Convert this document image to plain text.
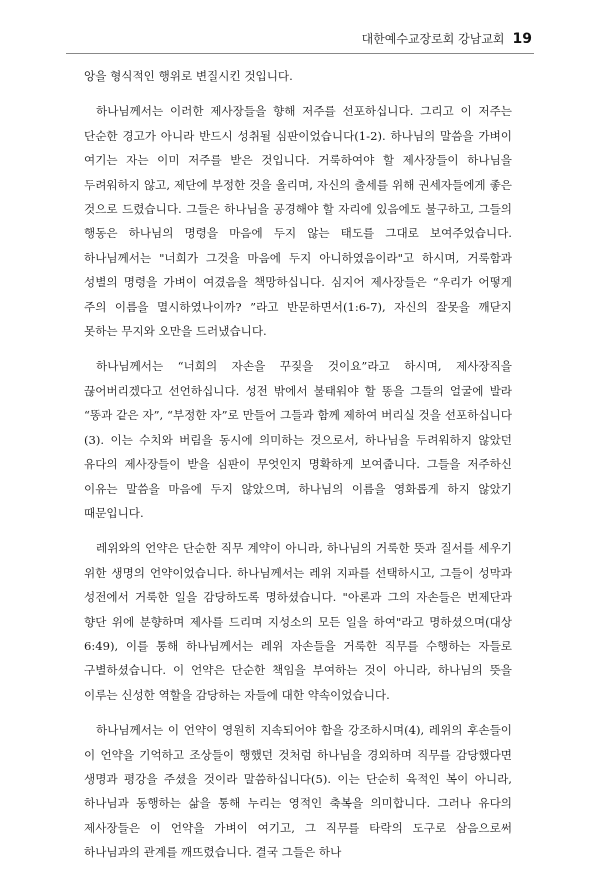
대한예수교장로회 강남교회 19

앙을 형식적인 행위로 변질시킨 것입니다.

하나님께서는 이러한 제사장들을 향해 저주를 선포하십니다. 그리고 이 저주는 단순한 경고가 아니라 반드시 성취될 심판이었습니다(1-2). 하나님의 말씀을 가벼이 여기는 자는 이미 저주를 받은 것입니다. 거룩하여야 할 제사장들이 하나님을 두려워하지 않고, 제단에 부정한 것을 올리며, 자신의 출세를 위해 권세자들에게 좋은 것으로 드렸습니다. 그들은 하나님을 공경해야 할 자리에 있음에도 불구하고, 그들의 행동은 하나님의 명령을 마음에 두지 않는 태도를 그대로 보여주었습니다. 하나님께서는 "너희가 그것을 마음에 두지 아니하였음이라"고 하시며, 거룩함과 성별의 명령을 가벼이 여겼음을 책망하십니다. 심지어 제사장들은 “우리가 어떻게 주의 이름을 멸시하였나이까? ”라고 반문하면서(1:6-7), 자신의 잘못을 깨닫지 못하는 무지와 오만을 드러냈습니다.

하나님께서는 “너희의 자손을 꾸짖을 것이요”라고 하시며, 제사장직을 끊어버리겠다고 선언하십니다. 성전 밖에서 불태워야 할 똥을 그들의 얼굴에 발라 “똥과 같은 자”, “부정한 자”로 만들어 그들과 함께 제하여 버리실 것을 선포하십니다(3). 이는 수치와 버림을 동시에 의미하는 것으로서, 하나님을 두려워하지 않았던 유다의 제사장들이 받을 심판이 무엇인지 명확하게 보여줍니다. 그들을 저주하신 이유는 말씀을 마음에 두지 않았으며, 하나님의 이름을 영화롭게 하지 않았기 때문입니다.

레위와의 언약은 단순한 직무 계약이 아니라, 하나님의 거룩한 뜻과 질서를 세우기 위한 생명의 언약이었습니다. 하나님께서는 레위 지파를 선택하시고, 그들이 성막과 성전에서 거룩한 일을 감당하도록 명하셨습니다. "아론과 그의 자손들은 번제단과 향단 위에 분향하며 제사를 드리며 지성소의 모든 일을 하여"라고 명하셨으며(대상 6:49), 이를 통해 하나님께서는 레위 자손들을 거룩한 직무를 수행하는 자들로 구별하셨습니다. 이 언약은 단순한 책임을 부여하는 것이 아니라, 하나님의 뜻을 이루는 신성한 역할을 감당하는 자들에 대한 약속이었습니다.

하나님께서는 이 언약이 영원히 지속되어야 함을 강조하시며(4), 레위의 후손들이 이 언약을 기억하고 조상들이 행했던 것처럼 하나님을 경외하며 직무를 감당했다면 생명과 평강을 주셨을 것이라 말씀하십니다(5). 이는 단순히 육적인 복이 아니라, 하나님과 동행하는 삶을 통해 누리는 영적인 축복을 의미합니다. 그러나 유다의 제사장들은 이 언약을 가벼이 여기고, 그 직무를 타락의 도구로 삼음으로써 하나님과의 관계를 깨뜨렸습니다. 결국 그들은 하나
